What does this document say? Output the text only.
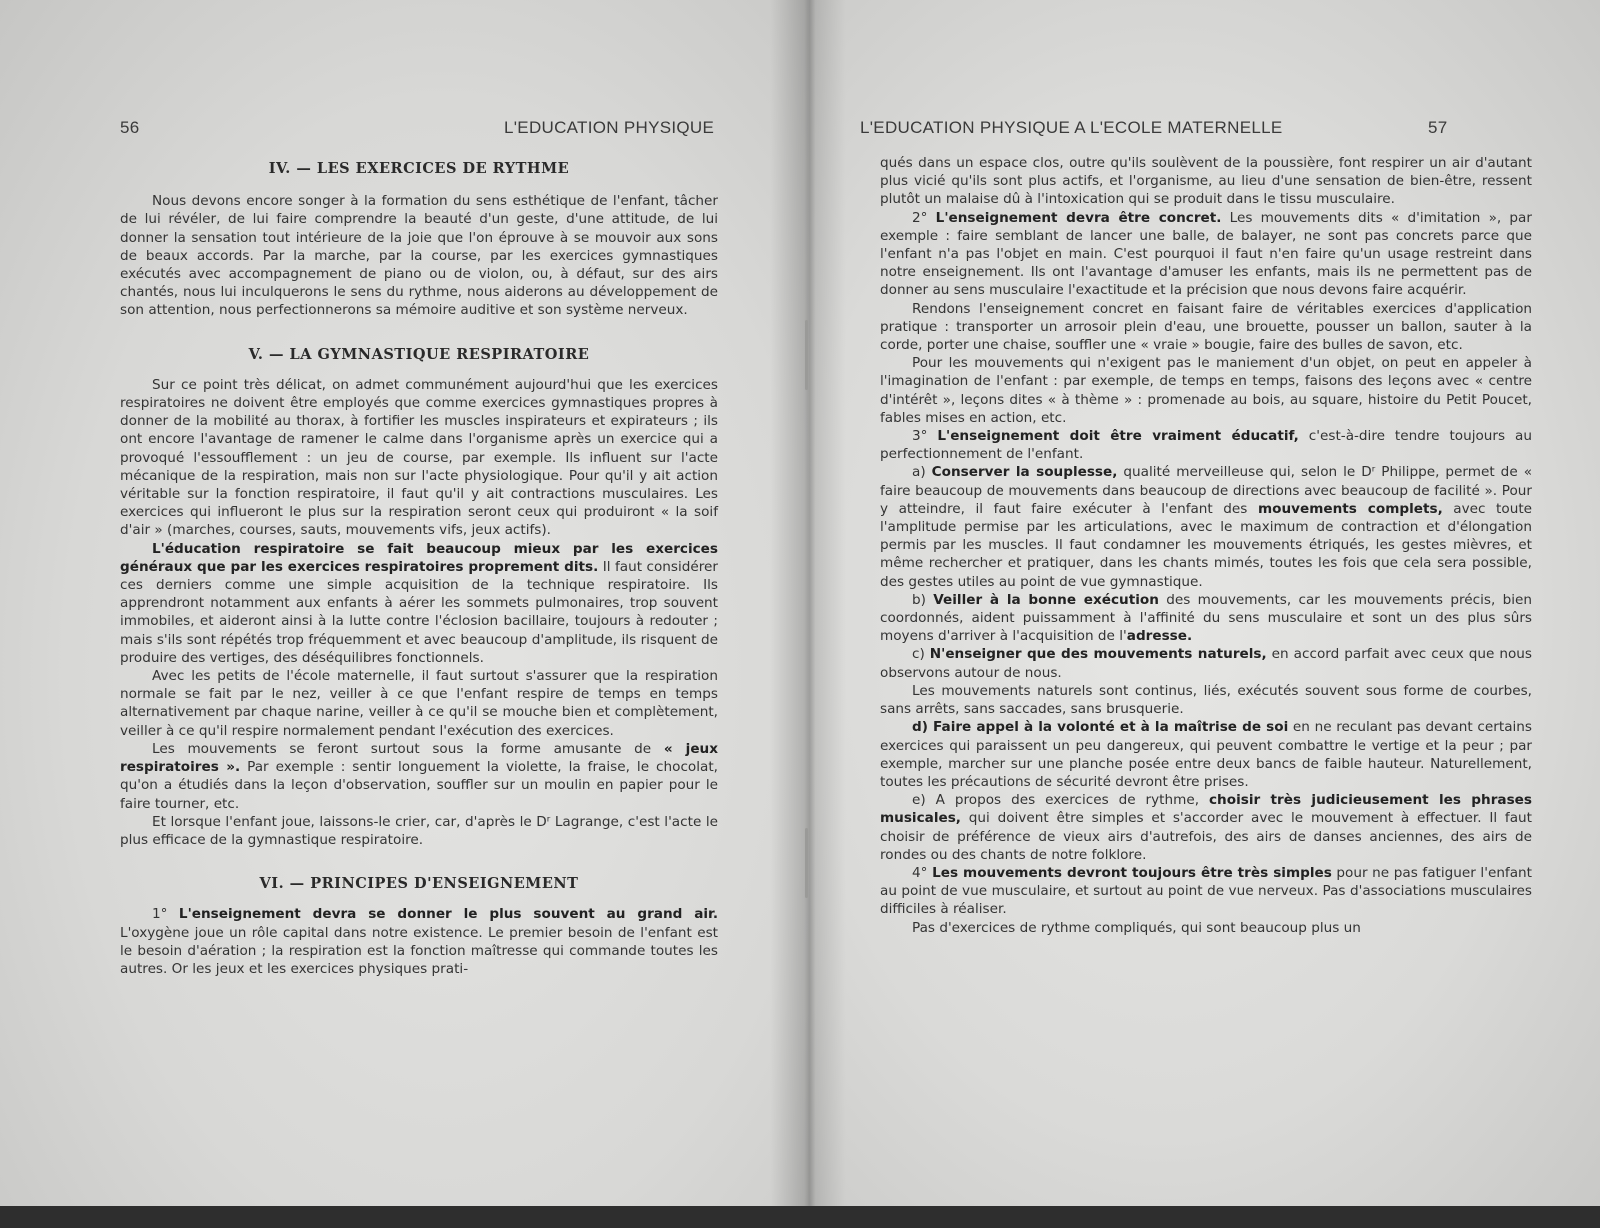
56	L'EDUCATION PHYSIQUE
IV. — LES EXERCICES DE RYTHME

Nous devons encore songer à la formation du sens esthétique de l'enfant, tâcher de lui révéler, de lui faire comprendre la beauté d'un geste, d'une attitude, de lui donner la sensation tout intérieure de la joie que l'on éprouve à se mouvoir aux sons de beaux accords. Par la marche, par la course, par les exercices gymnastiques exécutés avec accompagnement de piano ou de violon, ou, à défaut, sur des airs chantés, nous lui inculquerons le sens du rythme, nous aiderons au développement de son attention, nous perfectionnerons sa mémoire auditive et son système nerveux.

V. — LA GYMNASTIQUE RESPIRATOIRE

Sur ce point très délicat, on admet communément aujourd'hui que les exercices respiratoires ne doivent être employés que comme exercices gymnastiques propres à donner de la mobilité au thorax, à fortifier les muscles inspirateurs et expirateurs ; ils ont encore l'avantage de ramener le calme dans l'organisme après un exercice qui a provoqué l'essoufflement : un jeu de course, par exemple. Ils influent sur l'acte mécanique de la respiration, mais non sur l'acte physiologique. Pour qu'il y ait action véritable sur la fonction respiratoire, il faut qu'il y ait contractions musculaires. Les exercices qui influeront le plus sur la respiration seront ceux qui produiront « la soif d'air » (marches, courses, sauts, mouvements vifs, jeux actifs).

L'éducation respiratoire se fait beaucoup mieux par les exercices généraux que par les exercices respiratoires proprement dits. Il faut considérer ces derniers comme une simple acquisition de la technique respiratoire. Ils apprendront notamment aux enfants à aérer les sommets pulmonaires, trop souvent immobiles, et aideront ainsi à la lutte contre l'éclosion bacillaire, toujours à redouter ; mais s'ils sont répétés trop fréquemment et avec beaucoup d'amplitude, ils risquent de produire des vertiges, des déséquilibres fonctionnels.

Avec les petits de l'école maternelle, il faut surtout s'assurer que la respiration normale se fait par le nez, veiller à ce que l'enfant respire de temps en temps alternativement par chaque narine, veiller à ce qu'il se mouche bien et complètement, veiller à ce qu'il respire normalement pendant l'exécution des exercices.

Les mouvements se feront surtout sous la forme amusante de « jeux respiratoires ». Par exemple : sentir longuement la violette, la fraise, le chocolat, qu'on a étudiés dans la leçon d'observation, souffler sur un moulin en papier pour le faire tourner, etc.

Et lorsque l'enfant joue, laissons-le crier, car, d'après le Dʳ Lagrange, c'est l'acte le plus efficace de la gymnastique respiratoire.

VI. — PRINCIPES D'ENSEIGNEMENT

1° L'enseignement devra se donner le plus souvent au grand air. L'oxygène joue un rôle capital dans notre existence. Le premier besoin de l'enfant est le besoin d'aération ; la respiration est la fonction maîtresse qui commande toutes les autres. Or les jeux et les exercices physiques prati-

L'EDUCATION PHYSIQUE A L'ECOLE MATERNELLE	57

qués dans un espace clos, outre qu'ils soulèvent de la poussière, font respirer un air d'autant plus vicié qu'ils sont plus actifs, et l'organisme, au lieu d'une sensation de bien-être, ressent plutôt un malaise dû à l'intoxication qui se produit dans le tissu musculaire.

2° L'enseignement devra être concret. Les mouvements dits « d'imitation », par exemple : faire semblant de lancer une balle, de balayer, ne sont pas concrets parce que l'enfant n'a pas l'objet en main. C'est pourquoi il faut n'en faire qu'un usage restreint dans notre enseignement. Ils ont l'avantage d'amuser les enfants, mais ils ne permettent pas de donner au sens musculaire l'exactitude et la précision que nous devons faire acquérir.

Rendons l'enseignement concret en faisant faire de véritables exercices d'application pratique : transporter un arrosoir plein d'eau, une brouette, pousser un ballon, sauter à la corde, porter une chaise, souffler une « vraie » bougie, faire des bulles de savon, etc.

Pour les mouvements qui n'exigent pas le maniement d'un objet, on peut en appeler à l'imagination de l'enfant : par exemple, de temps en temps, faisons des leçons avec « centre d'intérêt », leçons dites « à thème » : promenade au bois, au square, histoire du Petit Poucet, fables mises en action, etc.

3° L'enseignement doit être vraiment éducatif, c'est-à-dire tendre toujours au perfectionnement de l'enfant.

a) Conserver la souplesse, qualité merveilleuse qui, selon le Dʳ Philippe, permet de « faire beaucoup de mouvements dans beaucoup de directions avec beaucoup de facilité ». Pour y atteindre, il faut faire exécuter à l'enfant des mouvements complets, avec toute l'amplitude permise par les articulations, avec le maximum de contraction et d'élongation permis par les muscles. Il faut condamner les mouvements étriqués, les gestes mièvres, et même rechercher et pratiquer, dans les chants mimés, toutes les fois que cela sera possible, des gestes utiles au point de vue gymnastique.

b) Veiller à la bonne exécution des mouvements, car les mouvements précis, bien coordonnés, aident puissamment à l'affinité du sens musculaire et sont un des plus sûrs moyens d'arriver à l'acquisition de l'adresse.

c) N'enseigner que des mouvements naturels, en accord parfait avec ceux que nous observons autour de nous.

Les mouvements naturels sont continus, liés, exécutés souvent sous forme de courbes, sans arrêts, sans saccades, sans brusquerie.

d) Faire appel à la volonté et à la maîtrise de soi en ne reculant pas devant certains exercices qui paraissent un peu dangereux, qui peuvent combattre le vertige et la peur ; par exemple, marcher sur une planche posée entre deux bancs de faible hauteur. Naturellement, toutes les précautions de sécurité devront être prises.

e) A propos des exercices de rythme, choisir très judicieusement les phrases musicales, qui doivent être simples et s'accorder avec le mouvement à effectuer. Il faut choisir de préférence de vieux airs d'autrefois, des airs de danses anciennes, des airs de rondes ou des chants de notre folklore.

4° Les mouvements devront toujours être très simples pour ne pas fatiguer l'enfant au point de vue musculaire, et surtout au point de vue nerveux. Pas d'associations musculaires difficiles à réaliser.

Pas d'exercices de rythme compliqués, qui sont beaucoup plus un
